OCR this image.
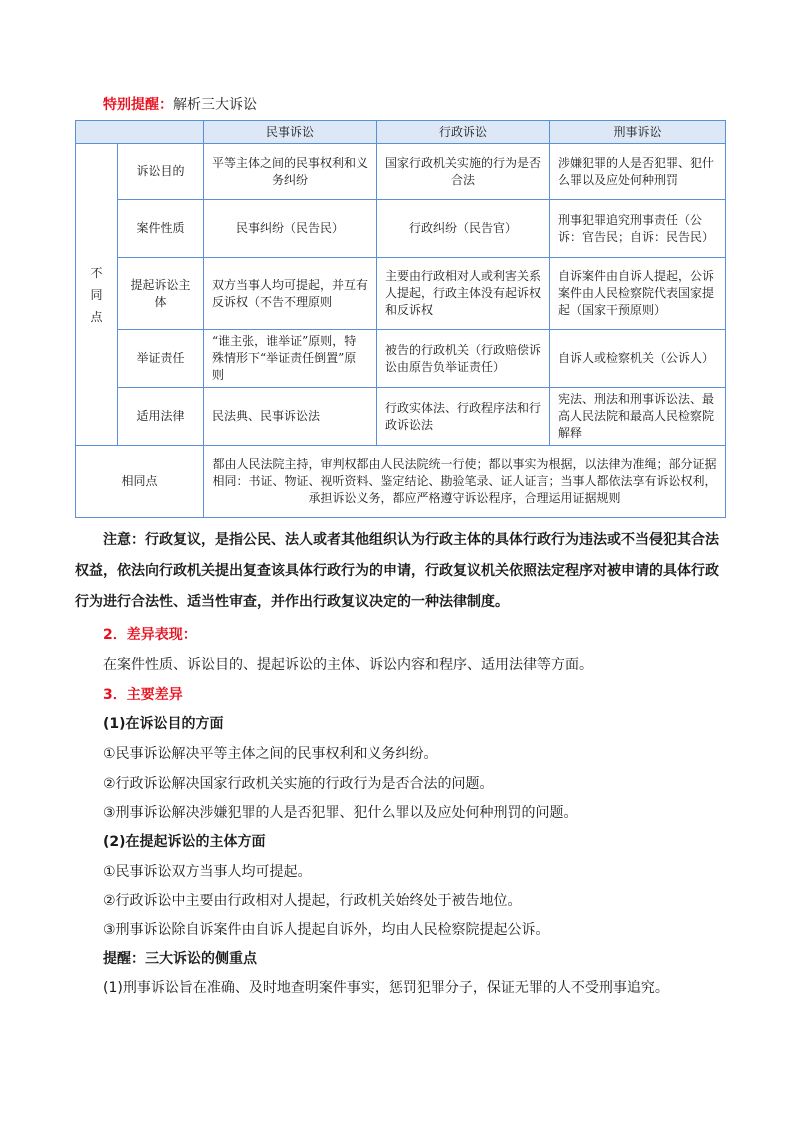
特别提醒：解析三大诉讼
		民事诉讼	行政诉讼	刑事诉讼

不
同
点	诉讼目的	平等主体之间的民事权利和义务纠纷	国家行政机关实施的行为是否合法	涉嫌犯罪的人是否犯罪、犯什么罪以及应处何种刑罚
	案件性质	民事纠纷（民告民）	行政纠纷（民告官）	刑事犯罪追究刑事责任（公诉：官告民；自诉：民告民）
	提起诉讼主体	双方当事人均可提起，并互有反诉权（不告不理原则	主要由行政相对人或利害关系人提起，行政主体没有起诉权和反诉权	自诉案件由自诉人提起，公诉案件由人民检察院代表国家提起（国家干预原则）
	举证责任	“谁主张，谁举证”原则，特殊情形下“举证责任倒置”原则	被告的行政机关（行政赔偿诉讼由原告负举证责任）	自诉人或检察机关（公诉人）
	适用法律	民法典、民事诉讼法	行政实体法、行政程序法和行政诉讼法	宪法、刑法和刑事诉讼法、最高人民法院和最高人民检察院解释
相同点		都由人民法院主持，审判权都由人民法院统一行使；都以事实为根据，以法律为准绳；部分证据相同：书证、物证、视听资料、鉴定结论、勘验笔录、证人证言；当事人都依法享有诉讼权利，承担诉讼义务，都应严格遵守诉讼程序，合理运用证据规则		

注意：行政复议，是指公民、法人或者其他组织认为行政主体的具体行政行为违法或不当侵犯其合法权益，依法向行政机关提出复查该具体行政行为的申请，行政复议机关依照法定程序对被申请的具体行政行为进行合法性、适当性审查，并作出行政复议决定的一种法律制度。

2．差异表现：
在案件性质、诉讼目的、提起诉讼的主体、诉讼内容和程序、适用法律等方面。
3．主要差异
(1)在诉讼目的方面
①民事诉讼解决平等主体之间的民事权利和义务纠纷。
②行政诉讼解决国家行政机关实施的行政行为是否合法的问题。
③刑事诉讼解决涉嫌犯罪的人是否犯罪、犯什么罪以及应处何种刑罚的问题。
(2)在提起诉讼的主体方面
①民事诉讼双方当事人均可提起。
②行政诉讼中主要由行政相对人提起，行政机关始终处于被告地位。
③刑事诉讼除自诉案件由自诉人提起自诉外，均由人民检察院提起公诉。
提醒：三大诉讼的侧重点
(1)刑事诉讼旨在准确、及时地查明案件事实，惩罚犯罪分子，保证无罪的人不受刑事追究。
